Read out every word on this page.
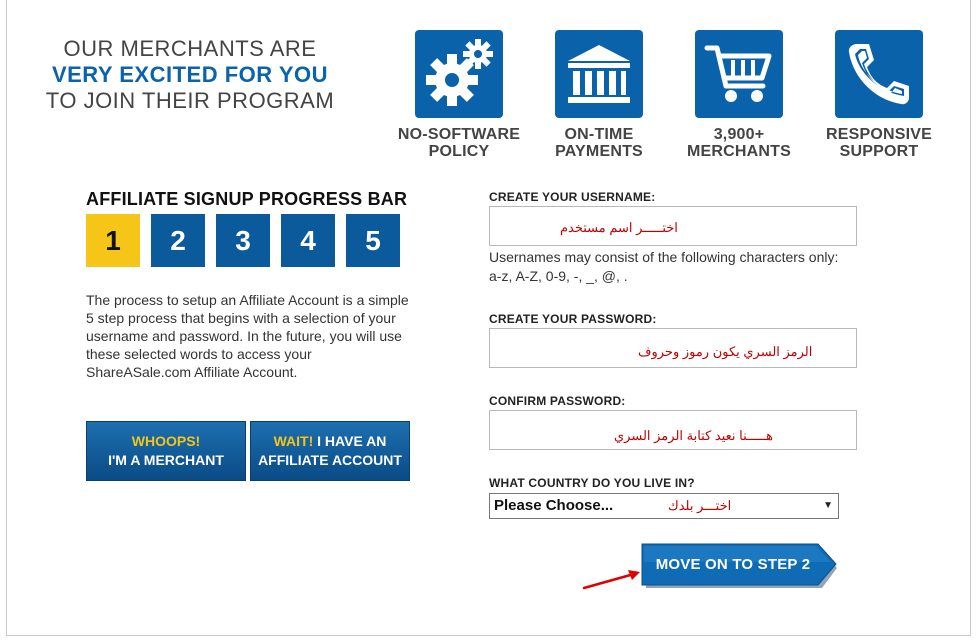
OUR MERCHANTS ARE
VERY EXCITED FOR YOU
TO JOIN THEIR PROGRAM
NO-SOFTWARE
POLICY
ON-TIME
PAYMENTS
3,900+
MERCHANTS
RESPONSIVE
SUPPORT
AFFILIATE SIGNUP PROGRESS BAR
1	2	3	4	5

The process to setup an Affiliate Account is a simple 5 step process that begins with a selection of your username and password. In the future, you will use these selected words to access your ShareASale.com Affiliate Account.

WHOOPS!
I'M A MERCHANT
WAIT! I HAVE AN
AFFILIATE ACCOUNT
CREATE YOUR USERNAME:
اختـــــر اسم مستخدم
Usernames may consist of the following characters only: a-z, A-Z, 0-9, -, _, @, .
CREATE YOUR PASSWORD:
الرمز السري يكون رموز وحروف
CONFIRM PASSWORD:
هـــــنا نعيد كتابة الرمز السري
WHAT COUNTRY DO YOU LIVE IN?
Please Choose...	▼
اختـــر بلدك
MOVE ON TO STEP 2
